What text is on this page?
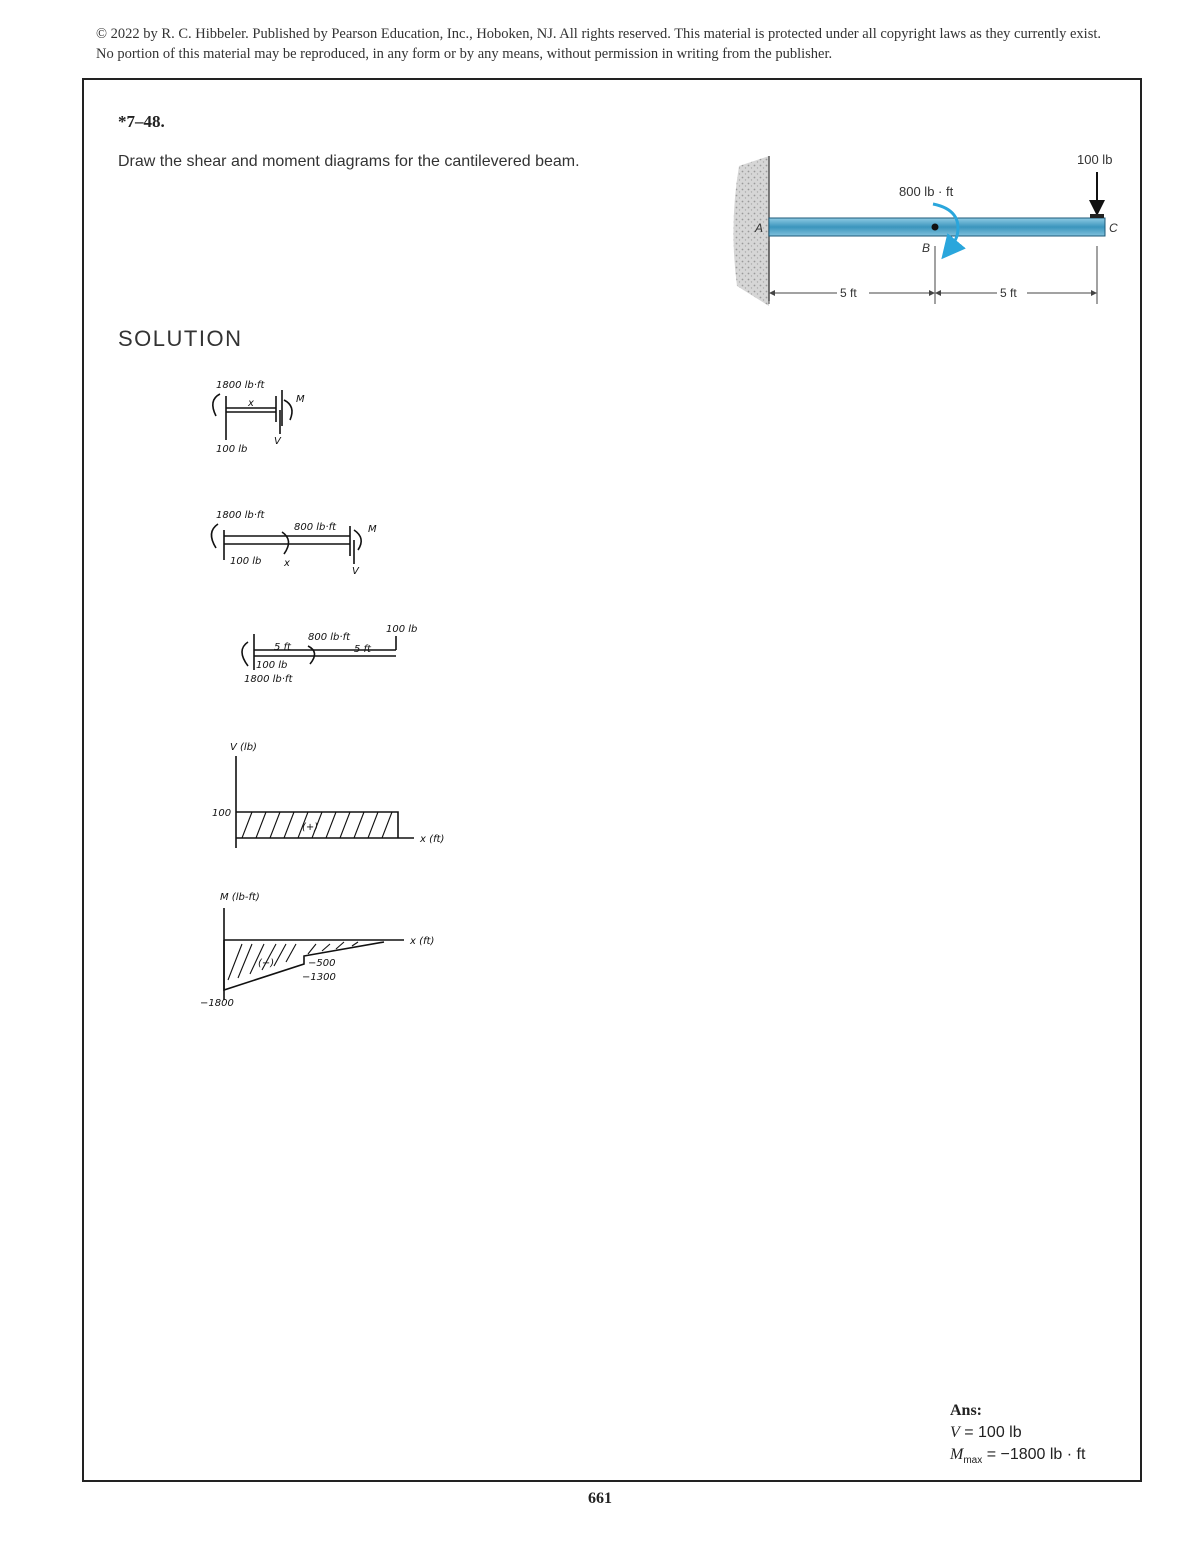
© 2022 by R. C. Hibbeler. Published by Pearson Education, Inc., Hoboken, NJ. All rights reserved. This material is protected under all copyright laws as they currently exist. No portion of this material may be reproduced, in any form or by any means, without permission in writing from the publisher.
*7–48.
Draw the shear and moment diagrams for the cantilevered beam.
800 lb · ft
100 lb
A
B
C
5 ft	5 ft
SOLUTION
1800 lb·ft
100 lb
x
V
M
1800 lb·ft
800 lb·ft
100 lb x
V
M
5 ft
800 lb·ft
5 ft
100 lb
100 lb
1800 lb·ft
V (lb)
100
(+)
x (ft)
M (lb-ft)
x (ft)
(−)	−500
−1300
−1800
Ans:
V = 100 lb
$M_{max} = -1800$ lb · ft
661
